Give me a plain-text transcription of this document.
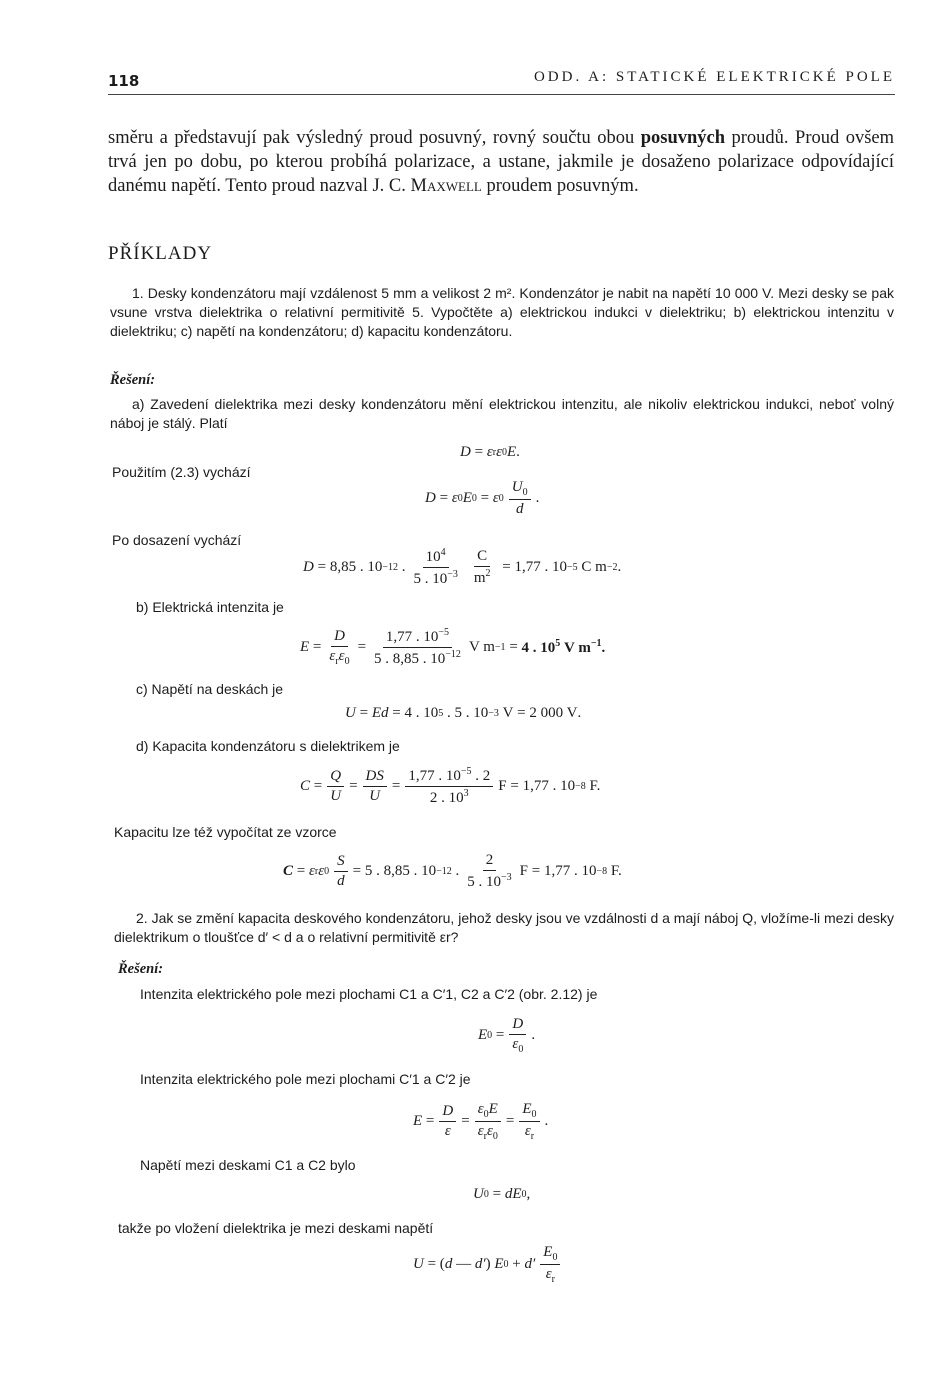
118	ODD. A: STATICKÉ ELEKTRICKÉ POLE
směru a představují pak výsledný proud posuvný, rovný součtu obou posuvných proudů. Proud ovšem trvá jen po dobu, po kterou probíhá polarizace, a ustane, jakmile je dosaženo polarizace odpovídající danému napětí. Tento proud nazval J. C. Maxwell proudem posuvným.
PŘÍKLADY
1. Desky kondenzátoru mají vzdálenost 5 mm a velikost 2 m². Kondenzátor je nabit na napětí 10 000 V. Mezi desky se pak vsune vrstva dielektrika o relativní permitivitě 5. Vypočtěte a) elektrickou indukci v dielektriku; b) elektrickou intenzitu v dielektriku; c) napětí na kondenzátoru; d) kapacitu kondenzátoru.
Řešení:
a) Zavedení dielektrika mezi desky kondenzátoru mění elektrickou intenzitu, ale nikoliv elektrickou indukci, neboť volný náboj je stálý. Platí
D = ε r ε 0 E .
Použitím (2.3) vychází
D = ε 0 E 0 = ε $0 \frac{U_0}{d}$ .
Po dosazení vychází
D = 8,85 . 10 −12 . $\frac{10^4}{5 . 10^{-3}} \frac{C}{m^2} = 1,77$ . 10 −5 C m −2 .
b) Elektrická intenzita je
$E = \frac{D}{\varepsilon_r\varepsilon_0} = \frac{1,77 . 10^{-5}}{5 . 8,85 . 10^{-12}}$ V m −1 = 4 . $10^5$ V $m^{-1}$.
c) Napětí na deskách je
U = Ed = 4 . 10 5 . 5 . 10 −3 V = 2 000 V .
d) Kapacita kondenzátoru s dielektrikem je
$C = \frac{Q}{U} = \frac{DS}{U} = \frac{1,77 . 10^{-5} . 2}{2 . 10^3}$ F = 1,77 . 10 −8 F.
Kapacitu lze též vypočítat ze vzorce
C = ε r ε $0 \frac{S}{d} = 5$ . 8,85 . 10 −12 . $\frac{2}{5 . 10^{-3}}$ F = 1,77 . 10 −8 F.
2. Jak se změní kapacita deskového kondenzátoru, jehož desky jsou ve vzdálnosti d a mají náboj Q, vložíme-li mezi desky dielektrikum o tloušťce d′ < d a o relativní permitivitě εr?
Řešení:
Intenzita elektrického pole mezi plochami C1 a C′1, C2 a C′2 (obr. 2.12) je
E $0 = \frac{D}{\varepsilon_0}$ .
Intenzita elektrického pole mezi plochami C′1 a C′2 je
$E = \frac{D}{\varepsilon} = \frac{\varepsilon_0E}{\varepsilon_r\varepsilon_0} = \frac{E_0}{\varepsilon_r}$ .
Napětí mezi deskami C1 a C2 bylo
U 0 = dE 0 ,
takže po vložení dielektrika je mezi deskami napětí
U = ( d — d′ ) E $0 + d' \frac{E_0}{\varepsilon_r}$
